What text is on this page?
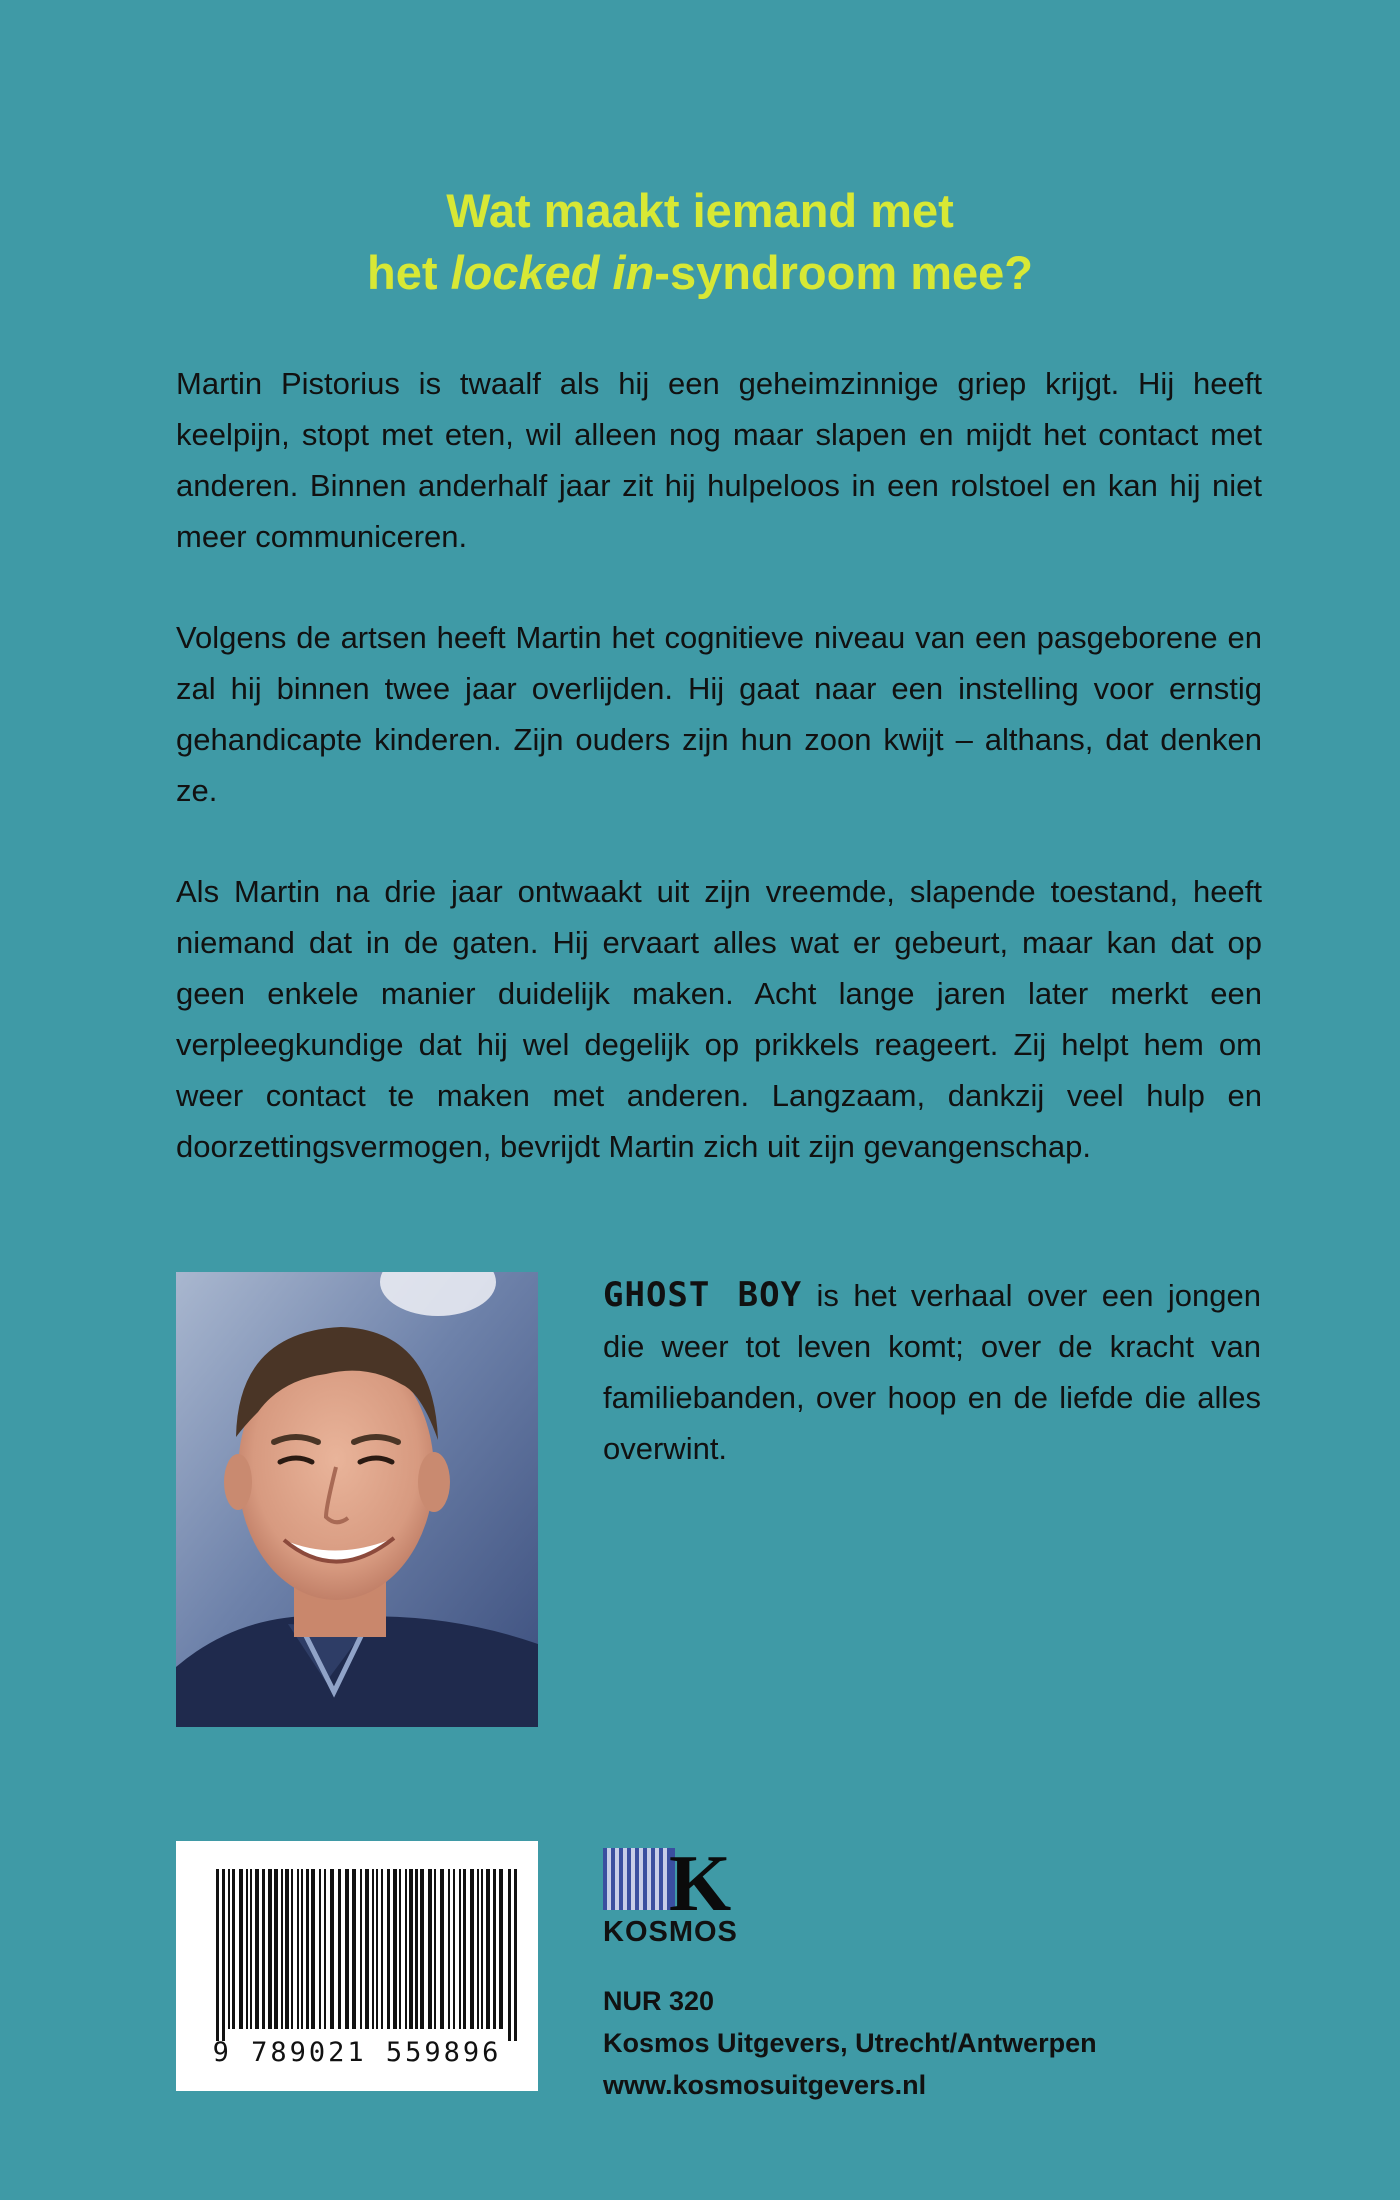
Wat maakt iemand met
het locked in-syndroom mee?

Martin Pistorius is twaalf als hij een geheimzinnige griep krijgt. Hij heeft keelpijn, stopt met eten, wil alleen nog maar slapen en mijdt het contact met anderen. Binnen anderhalf jaar zit hij hulpeloos in een rolstoel en kan hij niet meer communiceren.

Volgens de artsen heeft Martin het cognitieve niveau van een pasgeborene en zal hij binnen twee jaar overlijden. Hij gaat naar een instelling voor ernstig gehandicapte kinderen. Zijn ouders zijn hun zoon kwijt – althans, dat denken ze.

Als Martin na drie jaar ontwaakt uit zijn vreemde, slapende toestand, heeft niemand dat in de gaten. Hij ervaart alles wat er gebeurt, maar kan dat op geen enkele manier duidelijk maken. Acht lange jaren later merkt een verpleegkundige dat hij wel degelijk op prikkels reageert. Zij helpt hem om weer contact te maken met anderen. Langzaam, dankzij veel hulp en doorzettingsvermogen, bevrijdt Martin zich uit zijn gevangenschap.

GHOST BOY is het verhaal over een jongen die weer tot leven komt; over de kracht van familiebanden, over hoop en de liefde die alles overwint.

9 789021 559896
K
KOSMOS
NUR 320
Kosmos Uitgevers, Utrecht/Antwerpen
www.kosmosuitgevers.nl
